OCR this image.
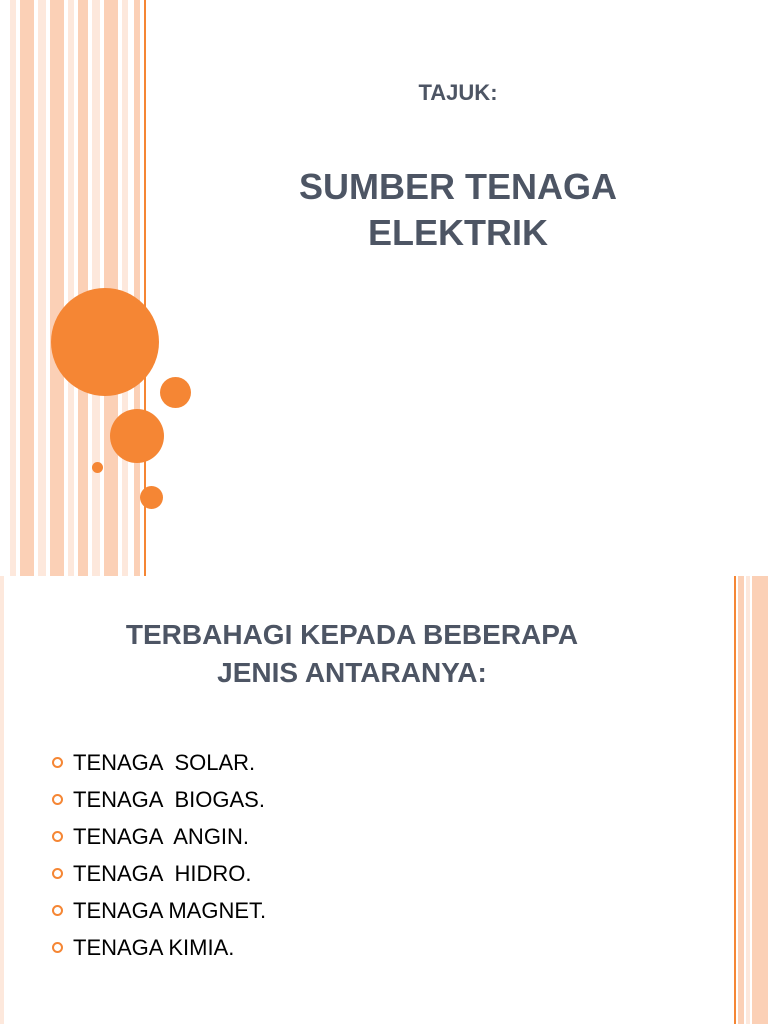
TAJUK:
SUMBER TENAGA
ELEKTRIK
TERBAHAGI KEPADA BEBERAPA
JENIS ANTARANYA:
TENAGA  SOLAR.
TENAGA  BIOGAS.
TENAGA  ANGIN.
TENAGA  HIDRO.
TENAGA MAGNET.
TENAGA KIMIA.
